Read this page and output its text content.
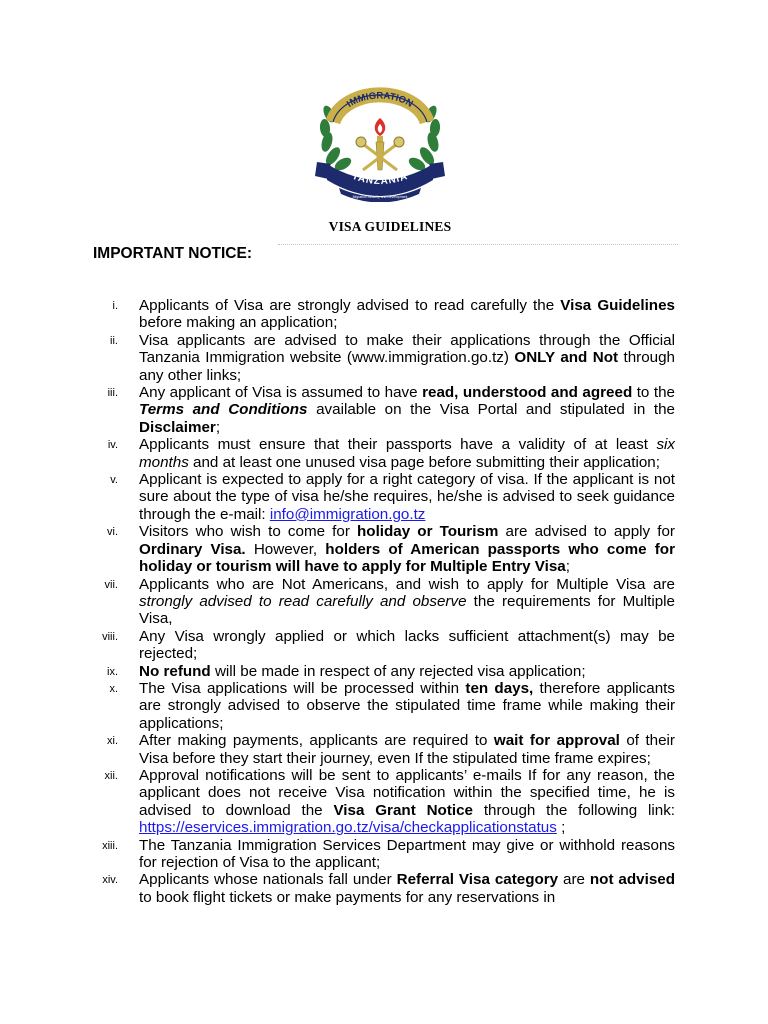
IMMIGRATION
TANZANIA
Migration Security and Development
VISA GUIDELINES
IMPORTANT NOTICE:
i. Applicants of Visa are strongly advised to read carefully the Visa Guidelines before making an application;
ii. Visa applicants are advised to make their applications through the Official Tanzania Immigration website (www.immigration.go.tz) ONLY and Not through any other links;
iii. Any applicant of Visa is assumed to have read, understood and agreed to the Terms and Conditions available on the Visa Portal and stipulated in the Disclaimer;
iv. Applicants must ensure that their passports have a validity of at least six months and at least one unused visa page before submitting their application;
v. Applicant is expected to apply for a right category of visa. If the applicant is not sure about the type of visa he/she requires, he/she is advised to seek guidance through the e-mail: info@immigration.go.tz
vi. Visitors who wish to come for holiday or Tourism are advised to apply for Ordinary Visa. However, holders of American passports who come for holiday or tourism will have to apply for Multiple Entry Visa;
vii. Applicants who are Not Americans, and wish to apply for Multiple Visa are strongly advised to read carefully and observe the requirements for Multiple Visa,
viii. Any Visa wrongly applied or which lacks sufficient attachment(s) may be rejected;
ix. No refund will be made in respect of any rejected visa application;
x. The Visa applications will be processed within ten days, therefore applicants are strongly advised to observe the stipulated time frame while making their applications;
xi. After making payments, applicants are required to wait for approval of their Visa before they start their journey, even If the stipulated time frame expires;
xii. Approval notifications will be sent to applicants’ e-mails If for any reason, the applicant does not receive Visa notification within the specified time, he is advised to download the Visa Grant Notice through the following link: https://eservices.immigration.go.tz/visa/checkapplicationstatus ;
xiii. The Tanzania Immigration Services Department may give or withhold reasons for rejection of Visa to the applicant;
xiv. Applicants whose nationals fall under Referral Visa category are not advised to book flight tickets or make payments for any reservations in
